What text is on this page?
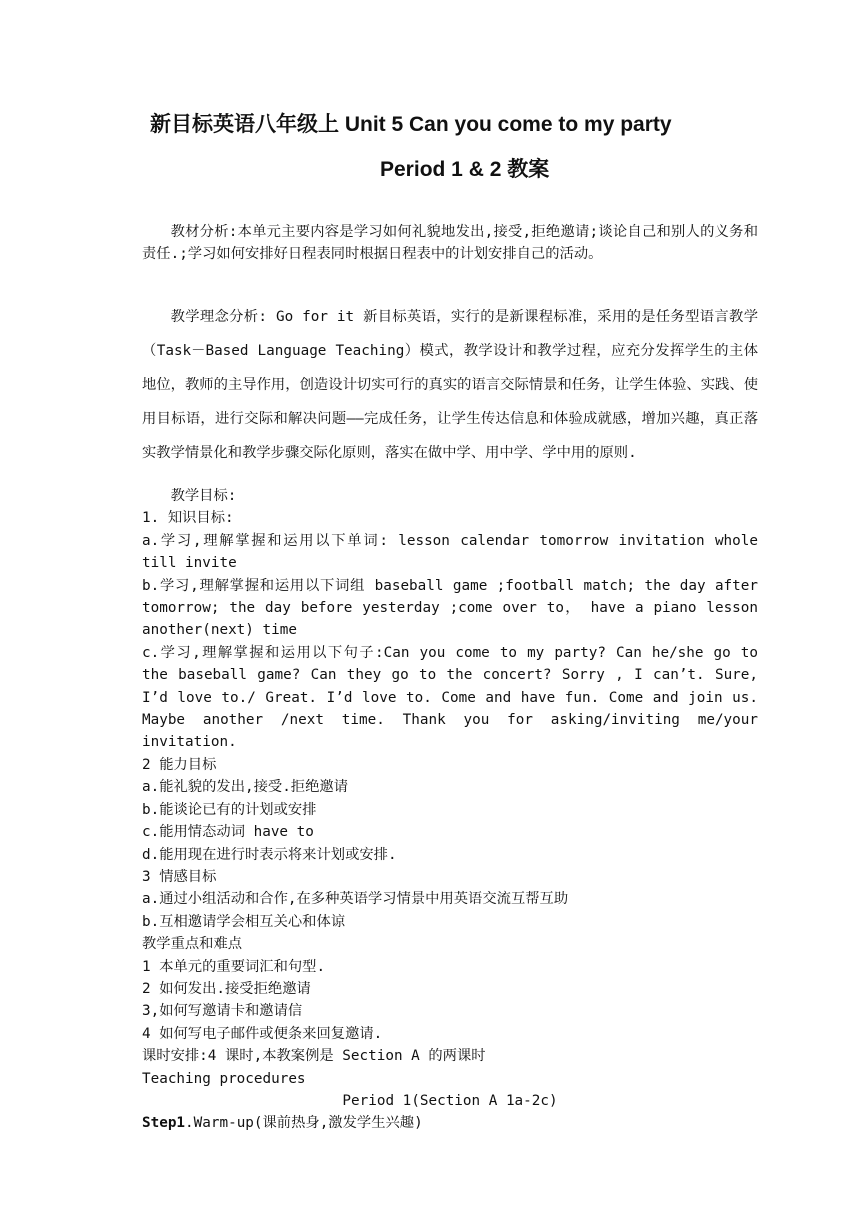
新目标英语八年级上 Unit 5 Can you come to my party
Period 1 & 2 教案

教材分析:本单元主要内容是学习如何礼貌地发出,接受,拒绝邀请;谈论自己和别人的义务和责任.;学习如何安排好日程表同时根据日程表中的计划安排自己的活动。

教学理念分析: Go for it 新目标英语，实行的是新课程标准，采用的是任务型语言教学（Task－Based Language Teaching）模式，教学设计和教学过程，应充分发挥学生的主体地位，教师的主导作用，创造设计切实可行的真实的语言交际情景和任务，让学生体验、实践、使用目标语，进行交际和解决问题——完成任务，让学生传达信息和体验成就感，增加兴趣，真正落实教学情景化和教学步骤交际化原则，落实在做中学、用中学、学中用的原则.

教学目标:
1. 知识目标:
a.学习,理解掌握和运用以下单词: lesson calendar tomorrow invitation whole till invite
b.学习,理解掌握和运用以下词组 baseball game ;football match; the day after tomorrow; the day before yesterday ;come over to， have a piano lesson another(next) time
c.学习,理解掌握和运用以下句子:Can you come to my party? Can he/she go to the baseball game? Can they go to the concert? Sorry , I can’t. Sure, I’d love to./ Great. I’d love to. Come and have fun. Come and join us. Maybe another /next time. Thank you for asking/inviting me/your invitation.
2 能力目标
a.能礼貌的发出,接受.拒绝邀请
b.能谈论已有的计划或安排
c.能用情态动词 have to
d.能用现在进行时表示将来计划或安排.
3 情感目标
a.通过小组活动和合作,在多种英语学习情景中用英语交流互帮互助
b.互相邀请学会相互关心和体谅
教学重点和难点
1 本单元的重要词汇和句型.
2 如何发出.接受拒绝邀请
3,如何写邀请卡和邀请信
4 如何写电子邮件或便条来回复邀请.
课时安排:4 课时,本教案例是 Section A 的两课时
Teaching procedures
Period 1(Section A 1a-2c)
Step1.Warm-up(课前热身,激发学生兴趣)
